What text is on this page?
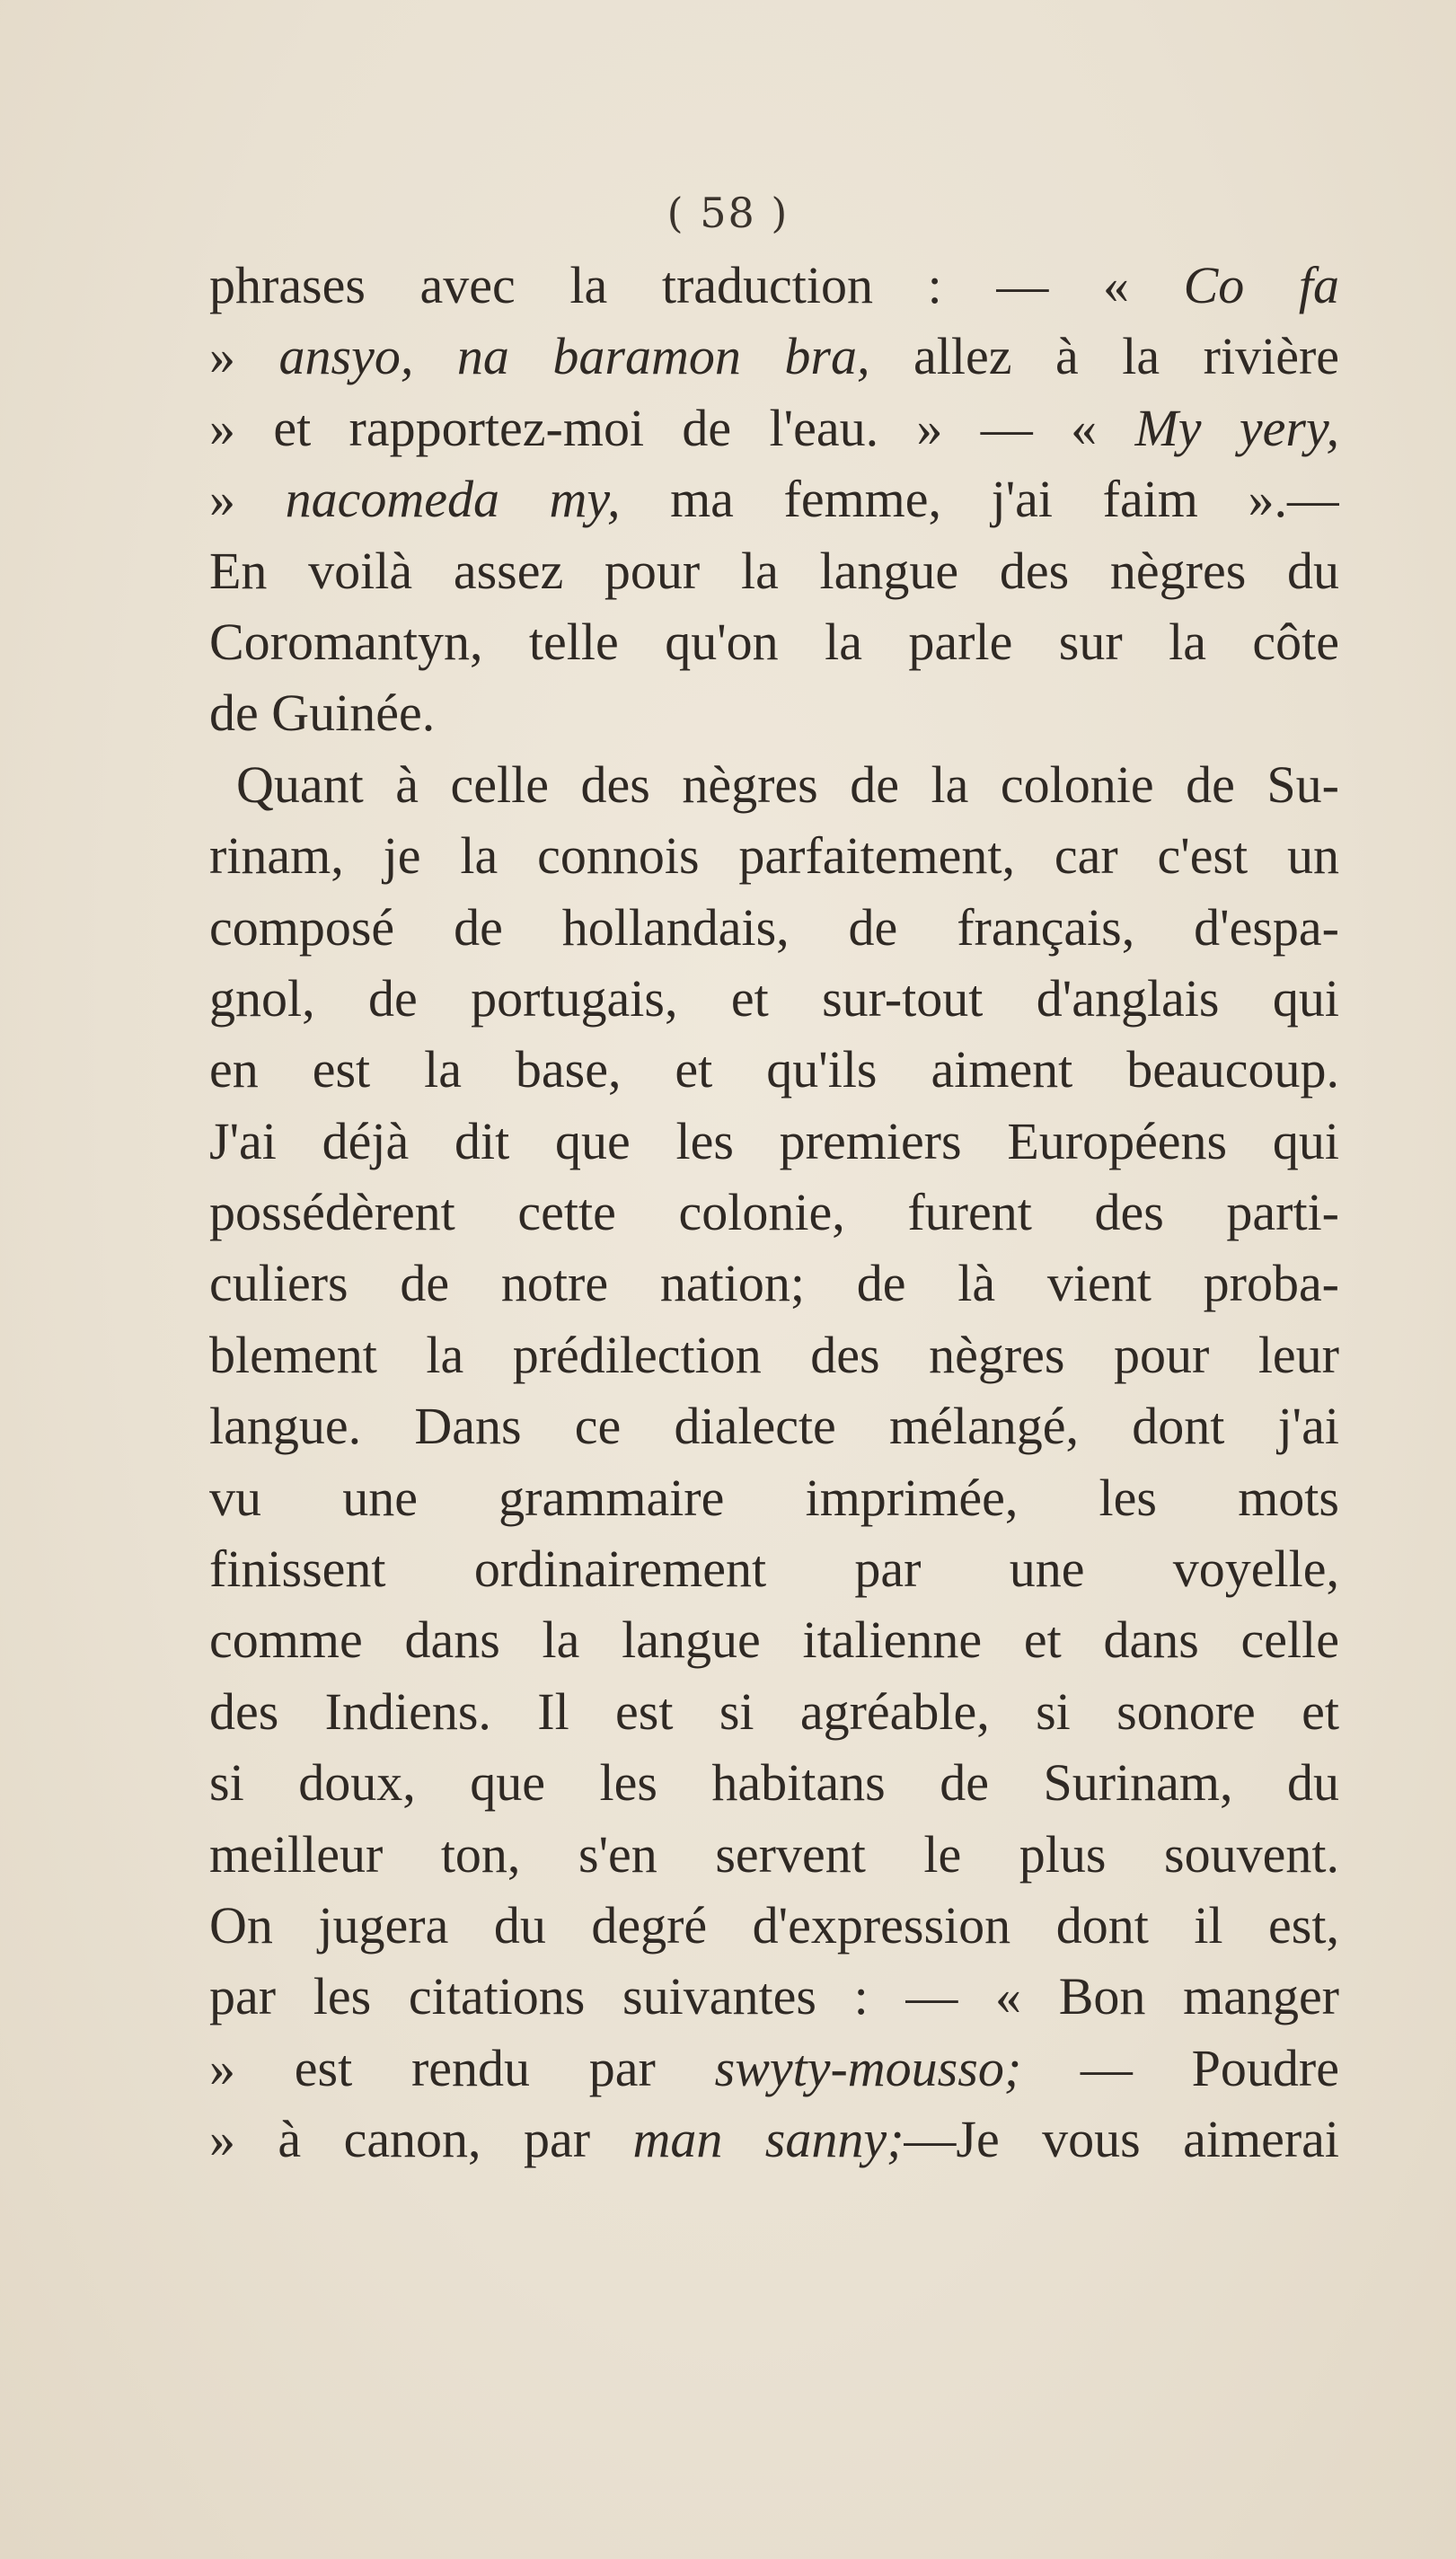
( 58 )
phrases avec la traduction : — « Co fa
» ansyo, na baramon bra, allez à la rivière
» et rapportez-moi de l'eau. » — « My yery,
» nacomeda my, ma femme, j'ai faim ».—
En voilà assez pour la langue des nègres du
Coromantyn, telle qu'on la parle sur la côte
de Guinée.
Quant à celle des nègres de la colonie de Su-
rinam, je la connois parfaitement, car c'est un
composé de hollandais, de français, d'espa-
gnol, de portugais, et sur-tout d'anglais qui
en est la base, et qu'ils aiment beaucoup.
J'ai déjà dit que les premiers Européens qui
possédèrent cette colonie, furent des parti-
culiers de notre nation; de là vient proba-
blement la prédilection des nègres pour leur
langue. Dans ce dialecte mélangé, dont j'ai
vu une grammaire imprimée, les mots
finissent ordinairement par une voyelle,
comme dans la langue italienne et dans celle
des Indiens. Il est si agréable, si sonore et
si doux, que les habitans de Surinam, du
meilleur ton, s'en servent le plus souvent.
On jugera du degré d'expression dont il est,
par les citations suivantes : — « Bon manger
» est rendu par swyty-mousso; — Poudre
» à canon, par man sanny;—Je vous aimerai
